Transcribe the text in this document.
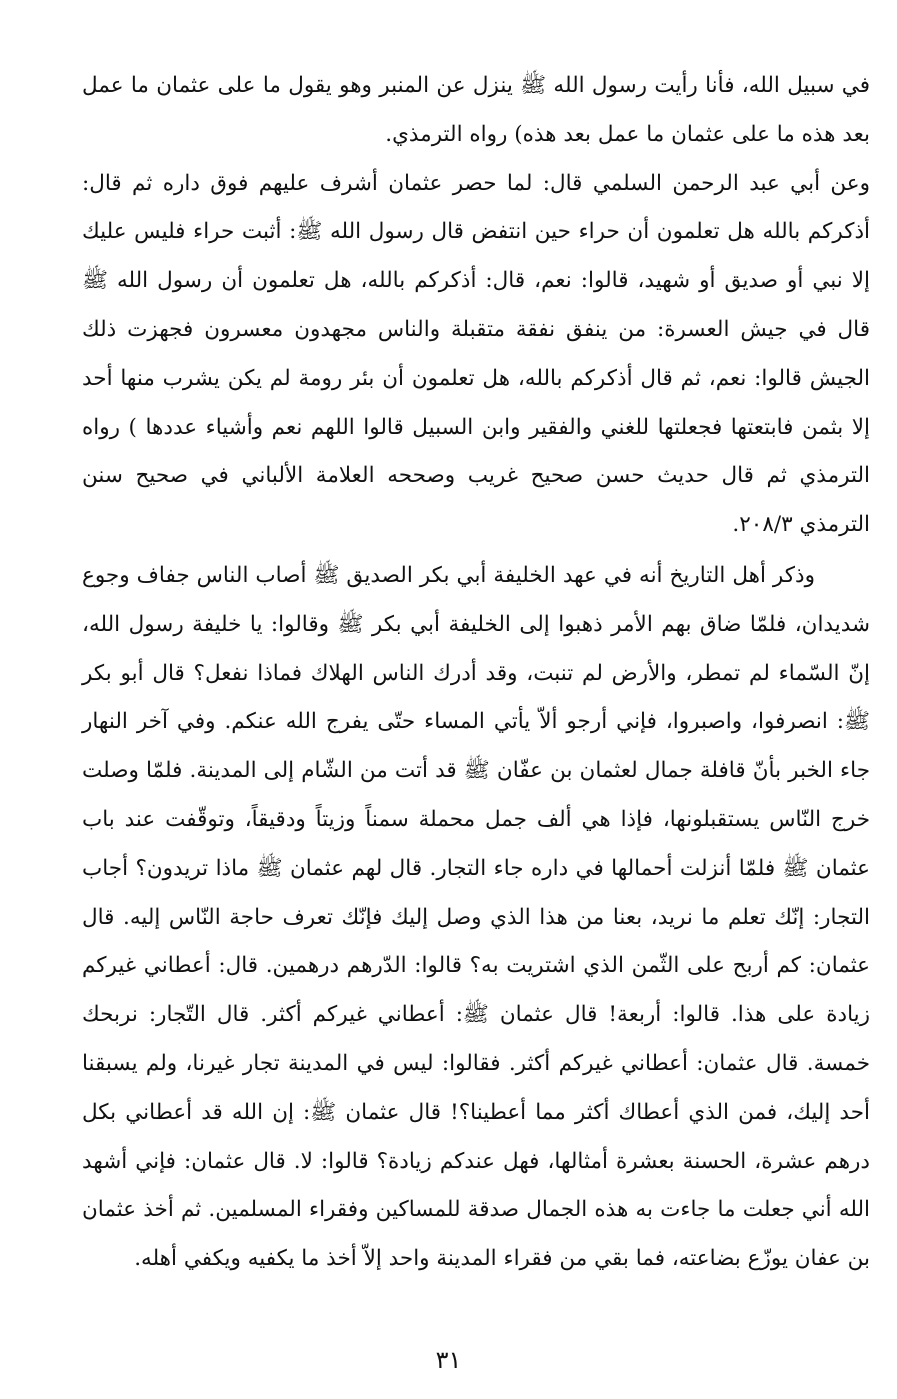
في سبيل الله، فأنا رأيت رسول الله ﷺ ينزل عن المنبر وهو يقول ما على عثمان ما عمل بعد هذه ما على عثمان ما عمل بعد هذه) رواه الترمذي.

وعن أبي عبد الرحمن السلمي قال: لما حصر عثمان أشرف عليهم فوق داره ثم قال: أذكركم بالله هل تعلمون أن حراء حين انتفض قال رسول الله ﷺ: أثبت حراء فليس عليك إلا نبي أو صديق أو شهيد، قالوا: نعم، قال: أذكركم بالله، هل تعلمون أن رسول الله ﷺ قال في جيش العسرة: من ينفق نفقة متقبلة والناس مجهدون معسرون فجهزت ذلك الجيش قالوا: نعم، ثم قال أذكركم بالله، هل تعلمون أن بئر رومة لم يكن يشرب منها أحد إلا بثمن فابتعتها فجعلتها للغني والفقير وابن السبيل قالوا اللهم نعم وأشياء عددها ) رواه الترمذي ثم قال حديث حسن صحيح غريب وصححه العلامة الألباني في صحيح سنن الترمذي ٢٠٨/٣.

وذكر أهل التاريخ أنه في عهد الخليفة أبي بكر الصديق ﷺ أصاب الناس جفاف وجوع شديدان، فلمّا ضاق بهم الأمر ذهبوا إلى الخليفة أبي بكر ﷺ وقالوا: يا خليفة رسول الله، إنّ السّماء لم تمطر، والأرض لم تنبت، وقد أدرك الناس الهلاك فماذا نفعل؟ قال أبو بكر ﷺ: انصرفوا، واصبروا، فإني أرجو ألاّ يأتي المساء حتّى يفرج الله عنكم. وفي آخر النهار جاء الخبر بأنّ قافلة جمال لعثمان بن عفّان ﷺ قد أتت من الشّام إلى المدينة. فلمّا وصلت خرج النّاس يستقبلونها، فإذا هي ألف جمل محملة سمناً وزيتاً ودقيقاً، وتوقّفت عند باب عثمان ﷺ فلمّا أنزلت أحمالها في داره جاء التجار. قال لهم عثمان ﷺ ماذا تريدون؟ أجاب التجار: إنّك تعلم ما نريد، بعنا من هذا الذي وصل إليك فإنّك تعرف حاجة النّاس إليه. قال عثمان: كم أربح على الثّمن الذي اشتريت به؟ قالوا: الدّرهم درهمين. قال: أعطاني غيركم زيادة على هذا. قالوا: أربعة! قال عثمان ﷺ: أعطاني غيركم أكثر. قال التّجار: نربحك خمسة. قال عثمان: أعطاني غيركم أكثر. فقالوا: ليس في المدينة تجار غيرنا، ولم يسبقنا أحد إليك، فمن الذي أعطاك أكثر مما أعطينا؟! قال عثمان ﷺ: إن الله قد أعطاني بكل درهم عشرة، الحسنة بعشرة أمثالها، فهل عندكم زيادة؟ قالوا: لا. قال عثمان: فإني أشهد الله أني جعلت ما جاءت به هذه الجمال صدقة للمساكين وفقراء المسلمين. ثم أخذ عثمان بن عفان يوزّع بضاعته، فما بقي من فقراء المدينة واحد إلاّ أخذ ما يكفيه ويكفي أهله.

٣١
